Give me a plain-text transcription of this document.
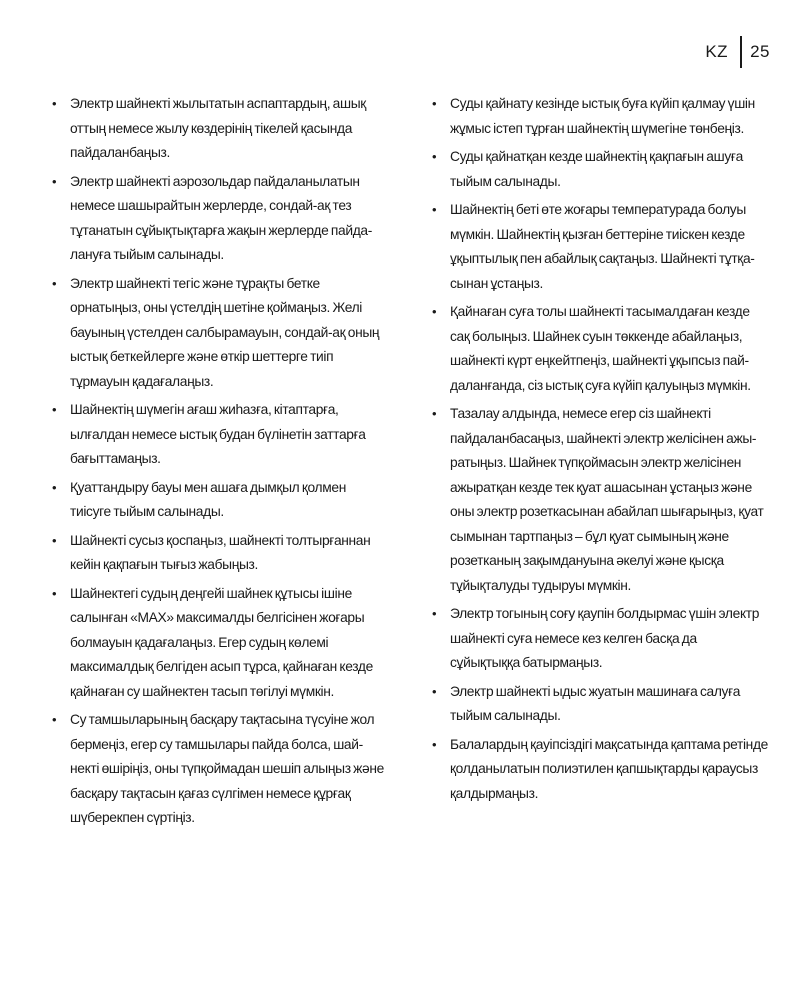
KZ	25
• Электр шайнекті жылытатын аспаптардың, ашық оттың немесе жылу көздерінің тікелей қасында пайдаланбаңыз.
• Электр шайнекті аэрозольдар пайдаланылатын немесе шашырайтын жерлерде, сондай-ақ тез тұтанатын сұйықтықтарға жақын жерлерде пайда-лануға тыйым салынады.
• Электр шайнекті тегіс және тұрақты бетке орнатыңыз, оны үстелдің шетіне қоймаңыз. Желі бауының үстелден салбырамауын, сондай-ақ оның ыстық беткейлерге және өткір шеттерге тиіп тұрмауын қадағалаңыз.
• Шайнектің шүмегін ағаш жиһазға, кітаптарға, ылғалдан немесе ыстық будан бүлінетін заттарға бағыттамаңыз.
• Қуаттандыру бауы мен ашаға дымқыл қолмен тиісуге тыйым салынады.
• Шайнекті сусыз қоспаңыз, шайнекті толтырғаннан кейін қақпағын тығыз жабыңыз.
• Шайнектегі судың деңгейі шайнек құтысы ішіне салынған «MAX» максималды белгісінен жоғары болмауын қадағалаңыз. Егер судың көлемі максималдық белгіден асып тұрса, қайнаған кезде қайнаған су шайнектен тасып төгілуі мүмкін.
• Су тамшыларының басқару тақтасына түсуіне жол бермеңіз, егер су тамшылары пайда болса, шай-некті өшіріңіз, оны түпқоймадан шешіп алыңыз және басқару тақтасын қағаз сүлгімен немесе құрғақ шүберекпен сүртіңіз.
• Суды қайнату кезінде ыстық буға күйіп қалмау үшін жұмыс істеп тұрған шайнектің шүмегіне төнбеңіз.
• Суды қайнатқан кезде шайнектің қақпағын ашуға тыйым салынады.
• Шайнектің беті өте жоғары температурада болуы мүмкін. Шайнектің қызған беттеріне тиіскен кезде ұқыптылық пен абайлық сақтаңыз. Шайнекті тұтқа-сынан ұстаңыз.
• Қайнаған суға толы шайнекті тасымалдаған кезде сақ болыңыз. Шайнек суын төккенде абайлаңыз, шайнекті күрт еңкейтпеңіз, шайнекті ұқыпсыз пай-даланғанда, сіз ыстық суға күйіп қалуыңыз мүмкін.
• Тазалау алдында, немесе егер сіз шайнекті пайдаланбасаңыз, шайнекті электр желісінен ажы-ратыңыз. Шайнек түпқоймасын электр желісінен ажыратқан кезде тек қуат ашасынан ұстаңыз және оны электр розеткасынан абайлап шығарыңыз, қуат сымынан тартпаңыз – бұл қуат сымының және розетканың зақымдануына әкелуі және қысқа тұйықталуды тудыруы мүмкін.
• Электр тогының соғу қаупін болдырмас үшін электр шайнекті суға немесе кез келген басқа да сұйықтыққа батырмаңыз.
• Электр шайнекті ыдыс жуатын машинаға салуға тыйым салынады.
• Балалардың қауіпсіздігі мақсатында қаптама ретінде қолданылатын полиэтилен қапшықтарды қараусыз қалдырмаңыз.
